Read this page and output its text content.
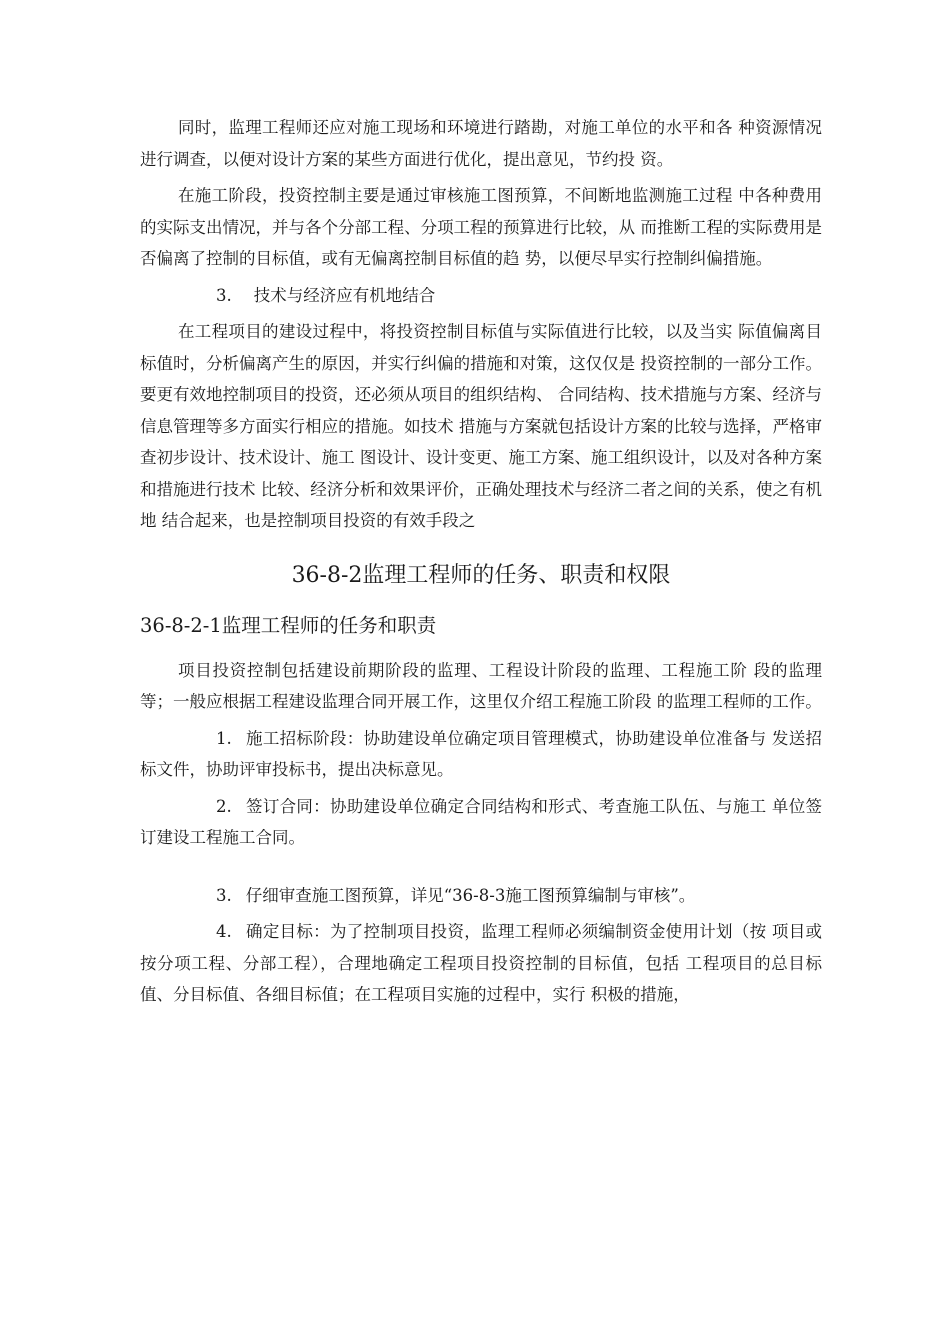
同时，监理工程师还应对施工现场和环境进行踏勘，对施工单位的水平和各 种资源情况进行调查，以便对设计方案的某些方面进行优化，提出意见，节约投 资。

在施工阶段，投资控制主要是通过审核施工图预算，不间断地监测施工过程 中各种费用的实际支出情况，并与各个分部工程、分项工程的预算进行比较，从 而推断工程的实际费用是否偏离了控制的目标值，或有无偏离控制目标值的趋 势，以便尽早实行控制纠偏措施。

3. 技术与经济应有机地结合

在工程项目的建设过程中，将投资控制目标值与实际值进行比较，以及当实 际值偏离目标值时，分析偏离产生的原因，并实行纠偏的措施和对策，这仅仅是 投资控制的一部分工作。要更有效地控制项目的投资，还必须从项目的组织结构、 合同结构、技术措施与方案、经济与信息管理等多方面实行相应的措施。如技术 措施与方案就包括设计方案的比较与选择，严格审查初步设计、技术设计、施工 图设计、设计变更、施工方案、施工组织设计，以及对各种方案和措施进行技术 比较、经济分析和效果评价，正确处理技术与经济二者之间的关系，使之有机地 结合起来，也是控制项目投资的有效手段之

36-8-2监理工程师的任务、职责和权限
36-8-2-1监理工程师的任务和职责

项目投资控制包括建设前期阶段的监理、工程设计阶段的监理、工程施工阶 段的监理等；一般应根据工程建设监理合同开展工作，这里仅介绍工程施工阶段 的监理工程师的工作。

1. 施工招标阶段：协助建设单位确定项目管理模式，协助建设单位准备与 发送招标文件，协助评审投标书，提出决标意见。

2. 签订合同：协助建设单位确定合同结构和形式、考查施工队伍、与施工 单位签订建设工程施工合同。

3. 仔细审查施工图预算，详见“36-8-3施工图预算编制与审核”。

4. 确定目标：为了控制项目投资，监理工程师必须编制资金使用计划（按 项目或按分项工程、分部工程），合理地确定工程项目投资控制的目标值，包括 工程项目的总目标值、分目标值、各细目标值；在工程项目实施的过程中，实行 积极的措施，
